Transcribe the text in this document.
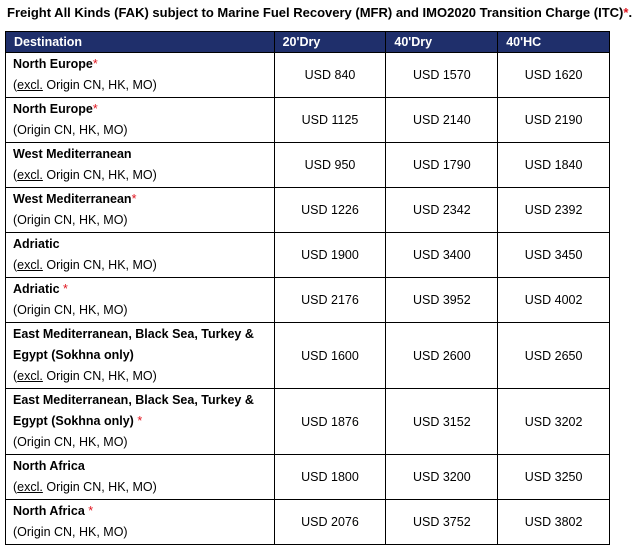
Freight All Kinds (FAK) subject to Marine Fuel Recovery (MFR) and IMO2020 Transition Charge (ITC)*.
Destination	20'Dry	40'Dry	40'HC
North Europe*
(excl. Origin CN, HK, MO)	USD 840	USD 1570	USD 1620
North Europe*
(Origin CN, HK, MO)	USD 1125	USD 2140	USD 2190
West Mediterranean
(excl. Origin CN, HK, MO)	USD 950	USD 1790	USD 1840
West Mediterranean*
(Origin CN, HK, MO)	USD 1226	USD 2342	USD 2392
Adriatic
(excl. Origin CN, HK, MO)	USD 1900	USD 3400	USD 3450
Adriatic *
(Origin CN, HK, MO)	USD 2176	USD 3952	USD 4002
East Mediterranean, Black Sea, Turkey & Egypt (Sokhna only)
(excl. Origin CN, HK, MO)	USD 1600	USD 2600	USD 2650
East Mediterranean, Black Sea, Turkey & Egypt (Sokhna only) *
(Origin CN, HK, MO)	USD 1876	USD 3152	USD 3202
North Africa
(excl. Origin CN, HK, MO)	USD 1800	USD 3200	USD 3250
North Africa *
(Origin CN, HK, MO)	USD 2076	USD 3752	USD 3802
